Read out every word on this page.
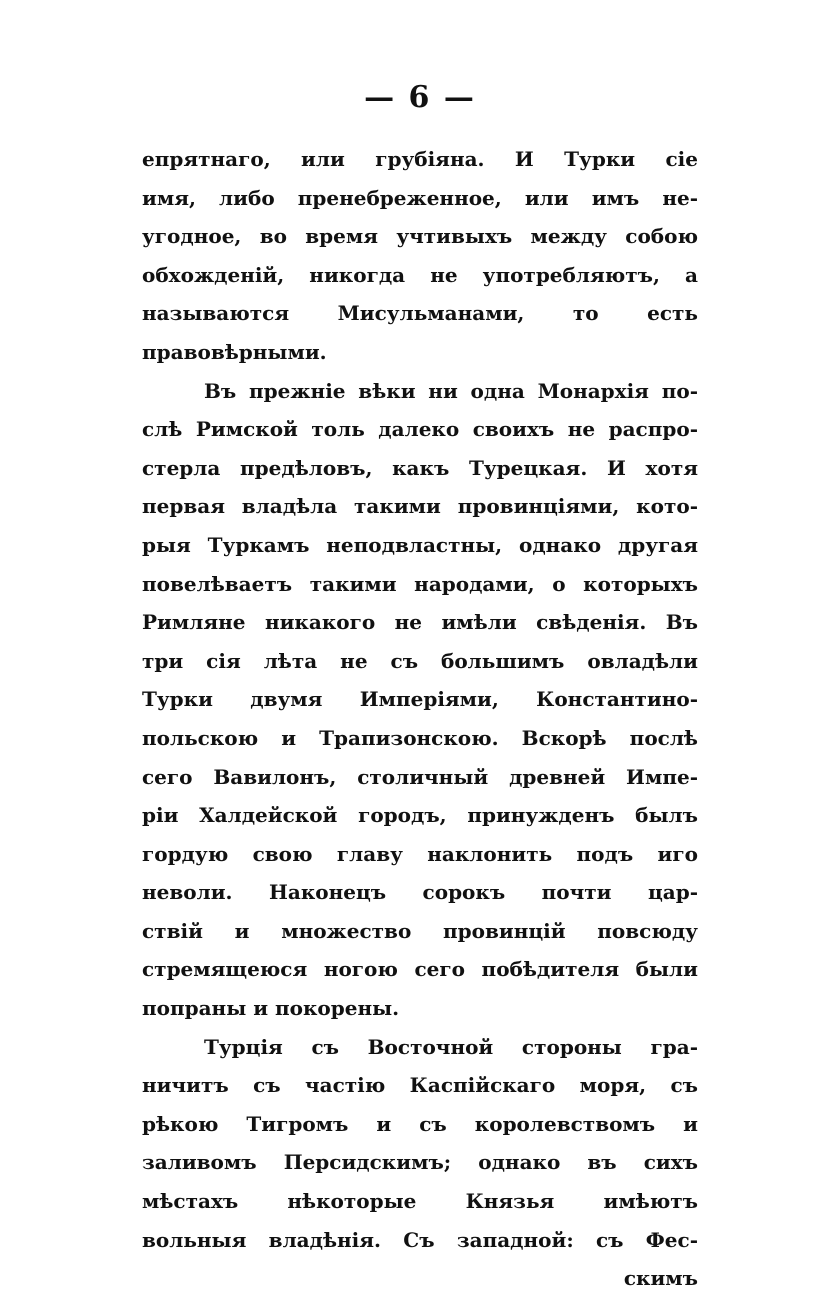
— 6 —
епрятнаго, или грубіяна. И Турки сіе
имя, либо пренебреженное, или имъ не-
угодное, во время учтивыхъ между собою
обхожденій, никогда не употребляютъ, а
называются Мисульманами, то есть
правовѣрными.
Въ прежніе вѣки ни одна Монархія по-
слѣ Римской толь далеко своихъ не распро-
стерла предѣловъ, какъ Турецкая. И хотя
первая владѣла такими провинціями, кото-
рыя Туркамъ неподвластны, однако другая
повелѣваетъ такими народами, о которыхъ
Римляне никакого не имѣли свѣденія. Въ
три сія лѣта не съ большимъ овладѣли
Турки двумя Имперіями, Константино-
польскою и Трапизонскою. Вскорѣ послѣ
сего Вавилонъ, столичный древней Импе-
ріи Халдейской городъ, принужденъ былъ
гордую свою главу наклонить подъ иго
неволи. Наконецъ сорокъ почти цар-
ствій и множество провинцій повсюду
стремящеюся ногою сего побѣдителя были
попраны и покорены.
Турція съ Восточной стороны гра-
ничитъ съ частію Каспійскаго моря, съ
рѣкою Тигромъ и съ королевствомъ и
заливомъ Персидскимъ; однако въ сихъ
мѣстахъ нѣкоторые Князья имѣютъ
вольныя владѣнія. Съ западной: съ Фес-
скимъ
